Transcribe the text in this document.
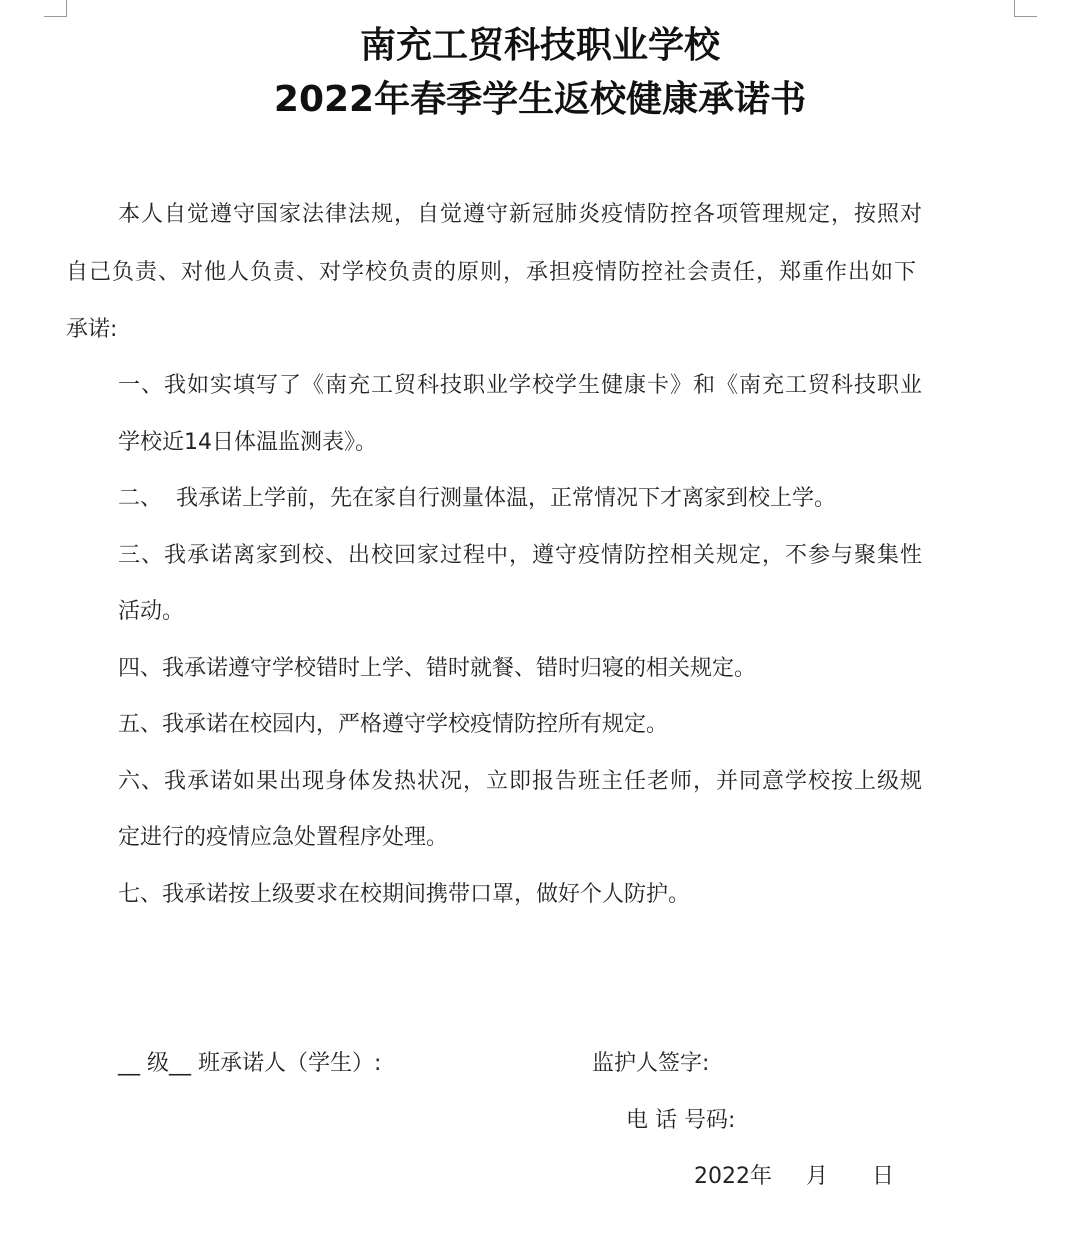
南充工贸科技职业学校
2022年春季学生返校健康承诺书
本人自觉遵守国家法律法规，自觉遵守新冠肺炎疫情防控各项管理规定，按照对
自己负责、对他人负责、对学校负责的原则，承担疫情防控社会责任，郑重作出如下
承诺:
一、我如实填写了《南充工贸科技职业学校学生健康卡》和《南充工贸科技职业
学校近14日体温监测表》。
二、  我承诺上学前，先在家自行测量体温，正常情况下才离家到校上学。
三、我承诺离家到校、出校回家过程中，遵守疫情防控相关规定，不参与聚集性
活动。
四、我承诺遵守学校错时上学、错时就餐、错时归寝的相关规定。
五、我承诺在校园内，严格遵守学校疫情防控所有规定。
六、我承诺如果出现身体发热状况，立即报告班主任老师，并同意学校按上级规
定进行的疫情应急处置程序处理。
七、我承诺按上级要求在校期间携带口罩，做好个人防护。
__ 级__ 班承诺人（学生）:	监护人签字:
电 话 号码:
2022年 月 日
